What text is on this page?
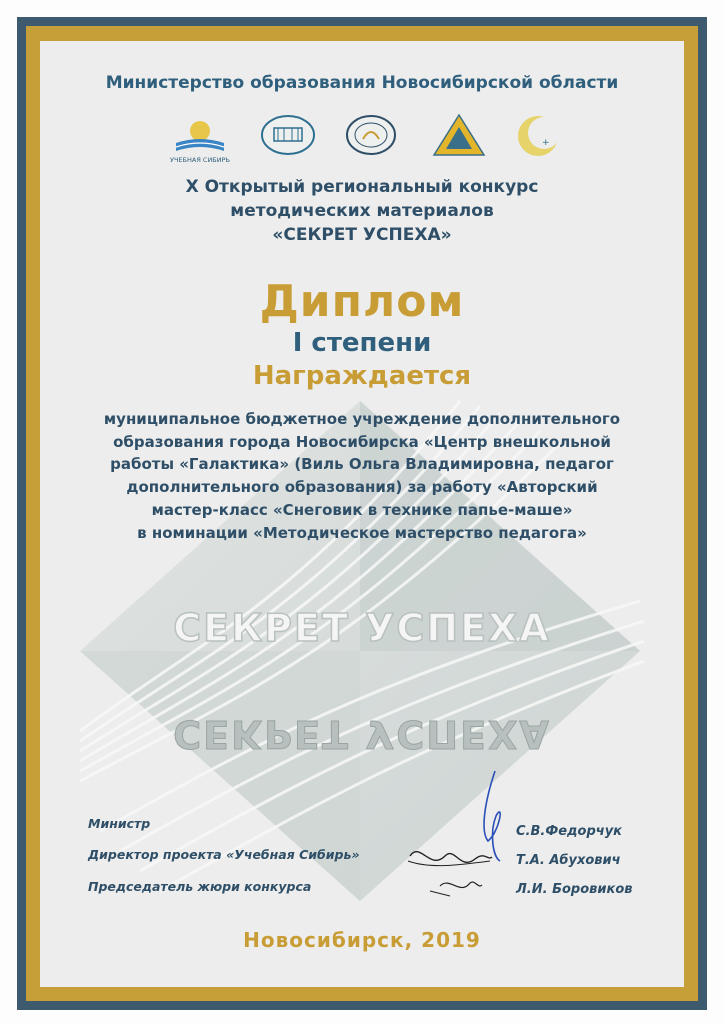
СЕКРЕТ УСПЕХА
СЕКРЕТ УСПЕХА
Министерство образования Новосибирской области
УЧЕБНАЯ СИБИРЬ
+
X Открытый региональный конкурс
методических материалов
«СЕКРЕТ УСПЕХА»
Диплом
I степени
Награждается
муниципальное бюджетное учреждение дополнительного
образования города Новосибирска «Центр внешкольной
работы «Галактика» (Виль Ольга Владимировна, педагог
дополнительного образования) за работу «Авторский
мастер-класс «Снеговик в технике папье-маше»
в номинации «Методическое мастерство педагога»
Министр
Директор проекта «Учебная Сибирь»
Председатель жюри конкурса
С.В.Федорчук
Т.А. Абухович
Л.И. Боровиков
Новосибирск, 2019
